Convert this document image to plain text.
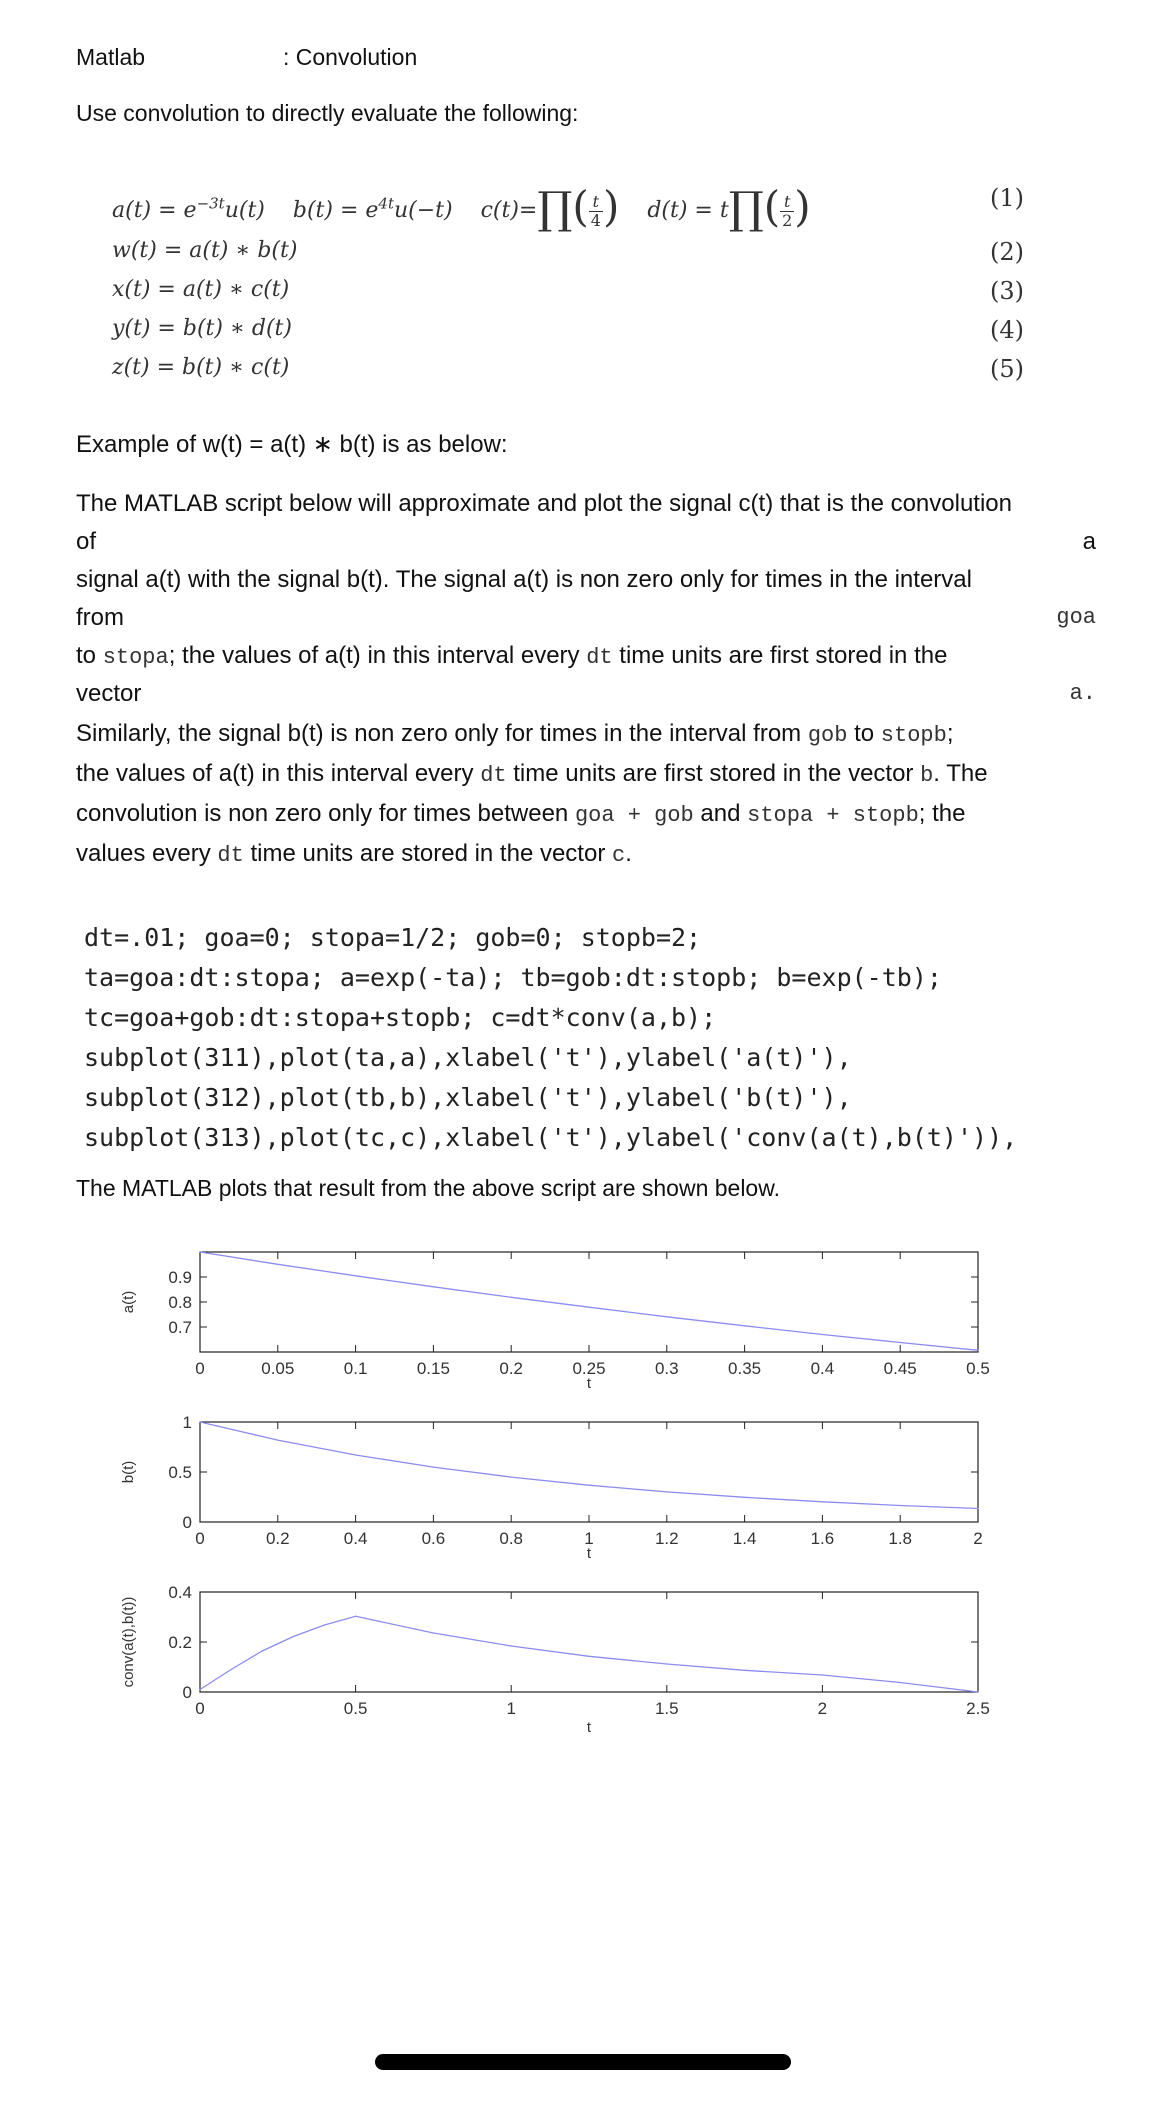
Matlab	: Convolution
Use convolution to directly evaluate the following:
$a(t) = e^{-3t}u(t) b(t) = e^{4t}u(-t)$ c(t)=∏( $\frac{t}{4}$ ) d(t) = t∏( $\frac{t}{2}$ )
w(t) = a(t) ∗ b(t)
x(t) = a(t) ∗ c(t)
y(t) = b(t) ∗ d(t)
z(t) = b(t) ∗ c(t)
(1)
(2)
(3)
(4)
(5)
Example of w(t) = a(t) ∗ b(t) is as below:
The MATLAB script below will approximate and plot the signal c(t) that is the convolution
of	a
signal a(t) with the signal b(t). The signal a(t) is non zero only for times in the interval
from	goa
to stopa; the values of a(t) in this interval every dt time units are first stored in the
vector	a.
Similarly, the signal b(t) is non zero only for times in the interval from gob to stopb;
the values of a(t) in this interval every dt time units are first stored in the vector b. The
convolution is non zero only for times between goa + gob and stopa + stopb; the
values every dt time units are stored in the vector c.
dt=.01; goa=0; stopa=1/2; gob=0; stopb=2;
ta=goa:dt:stopa; a=exp(-ta); tb=gob:dt:stopb; b=exp(-tb);
tc=goa+gob:dt:stopa+stopb; c=dt*conv(a,b);
subplot(311),plot(ta,a),xlabel('t'),ylabel('a(t)'),
subplot(312),plot(tb,b),xlabel('t'),ylabel('b(t)'),
subplot(313),plot(tc,c),xlabel('t'),ylabel('conv(a(t),b(t)')),
The MATLAB plots that result from the above script are shown below.
0	0.05	0.1	0.15	0.2	0.25	0.3	0.35	0.4	0.45	0.5
0.7
0.8
0.9
t
a(t)
0	0.2	0.4	0.6	0.8	1	1.2	1.4	1.6	1.8	2
0
0.5
1
t
b(t)
0	0.5	1	1.5	2	2.5
0
0.2
0.4
t
conv(a(t),b(t))
